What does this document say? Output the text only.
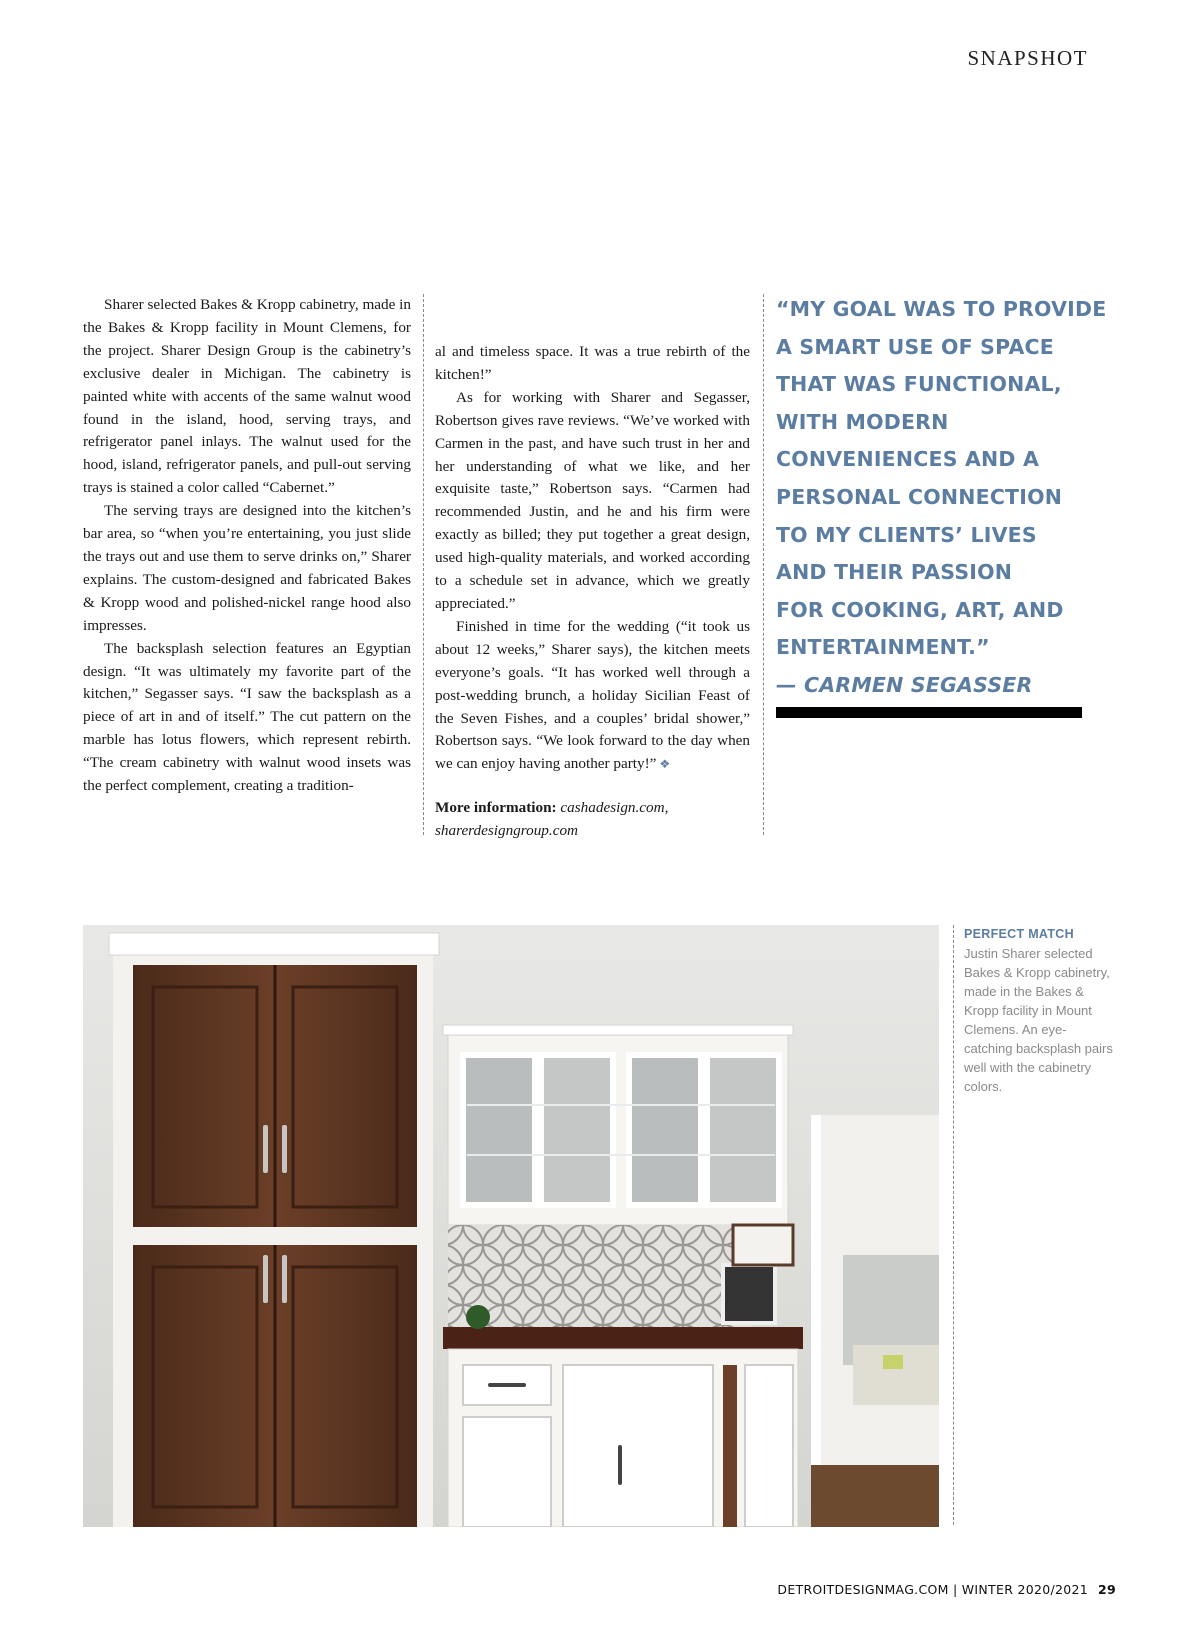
SNAPSHOT

Sharer selected Bakes & Kropp cabinetry, made in the Bakes & Kropp facility in Mount Clemens, for the project. Sharer Design Group is the cabinetry’s exclusive dealer in Michigan. The cabinetry is painted white with accents of the same walnut wood found in the island, hood, serving trays, and refrigerator panel inlays. The walnut used for the hood, island, refrigerator panels, and pull-out serving trays is stained a color called “Cabernet.”

The serving trays are designed into the kitchen’s bar area, so “when you’re entertaining, you just slide the trays out and use them to serve drinks on,” Sharer explains. The custom-designed and fabricated Bakes & Kropp wood and polished-nickel range hood also impresses.

The backsplash selection features an Egyptian design. “It was ultimately my favorite part of the kitchen,” Segasser says. “I saw the backsplash as a piece of art in and of itself.” The cut pattern on the marble has lotus flowers, which represent rebirth. “The cream cabinetry with walnut wood insets was the perfect complement, creating a tradition-

al and timeless space. It was a true rebirth of the kitchen!”

As for working with Sharer and Segasser, Robertson gives rave reviews. “We’ve worked with Carmen in the past, and have such trust in her and her understanding of what we like, and her exquisite taste,” Robertson says. “Carmen had recommended Justin, and he and his firm were exactly as billed; they put together a great design, used high-quality materials, and worked according to a schedule set in advance, which we greatly appreciated.”

Finished in time for the wedding (“it took us about 12 weeks,” Sharer says), the kitchen meets everyone’s goals. “It has worked well through a post-wedding brunch, a holiday Sicilian Feast of the Seven Fishes, and a couples’ bridal shower,” Robertson says. “We look forward to the day when we can enjoy having another party!” ❖

More information: cashadesign.com, sharerdesigngroup.com

“MY GOAL WAS TO PROVIDE
A SMART USE OF SPACE
THAT WAS FUNCTIONAL,
WITH MODERN
CONVENIENCES AND A
PERSONAL CONNECTION
TO MY CLIENTS’ LIVES
AND THEIR PASSION
FOR COOKING, ART, AND
ENTERTAINMENT.”
— CARMEN SEGASSER
PERFECT MATCH
Justin Sharer selected Bakes & Kropp cabinetry, made in the Bakes & Kropp facility in Mount Clemens. An eye-catching backsplash pairs well with the cabinetry colors.
DETROITDESIGNMAG.COM | WINTER 2020/2021 29
